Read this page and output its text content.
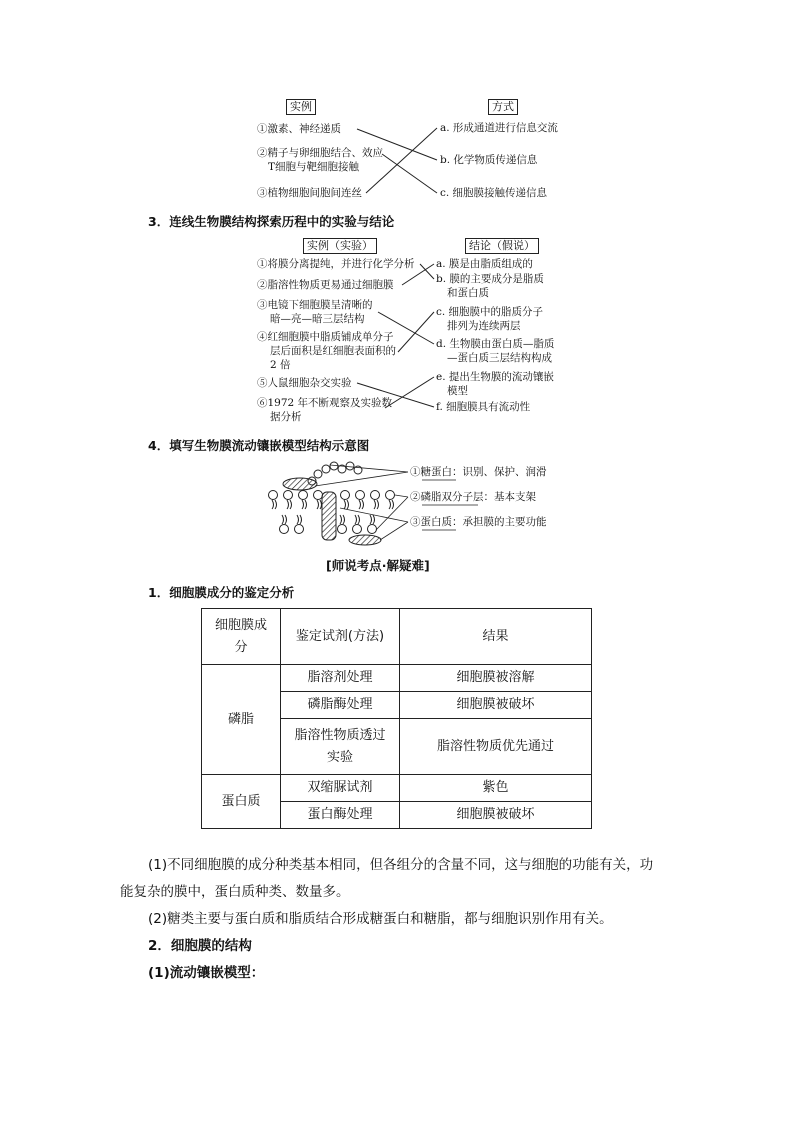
实例	方式
①激素、神经递质
②精子与卵细胞结合、效应
T细胞与靶细胞接触
③植物细胞间胞间连丝
a. 形成通道进行信息交流
b. 化学物质传递信息
c. 细胞膜接触传递信息
3．连线生物膜结构探索历程中的实验与结论
实例（实验）	结论（假说）
①将膜分离提纯，并进行化学分析
②脂溶性物质更易通过细胞膜
③电镜下细胞膜呈清晰的
暗—亮—暗三层结构
④红细胞膜中脂质铺成单分子
层后面积是红细胞表面积的
2 倍
⑤人鼠细胞杂交实验
⑥1972 年不断观察及实验数
据分析
a. 膜是由脂质组成的
b. 膜的主要成分是脂质
和蛋白质
c. 细胞膜中的脂质分子
排列为连续两层
d. 生物膜由蛋白质—脂质
—蛋白质三层结构构成
e. 提出生物膜的流动镶嵌
模型
f. 细胞膜具有流动性
4．填写生物膜流动镶嵌模型结构示意图
①糖蛋白：识别、保护、润滑
②磷脂双分子层：基本支架
③蛋白质：承担膜的主要功能
[师说考点·解疑难]
1．细胞膜成分的鉴定分析
细胞膜成
分	鉴定试剂(方法)	结果
磷脂	脂溶剂处理	细胞膜被溶解
	磷脂酶处理	细胞膜被破坏
	脂溶性物质透过
实验	脂溶性物质优先通过
蛋白质	双缩脲试剂	紫色
	蛋白酶处理	细胞膜被破坏
(1)不同细胞膜的成分种类基本相同，但各组分的含量不同，这与细胞的功能有关，功
能复杂的膜中，蛋白质种类、数量多。
(2)糖类主要与蛋白质和脂质结合形成糖蛋白和糖脂，都与细胞识别作用有关。
2．细胞膜的结构
(1)流动镶嵌模型：
